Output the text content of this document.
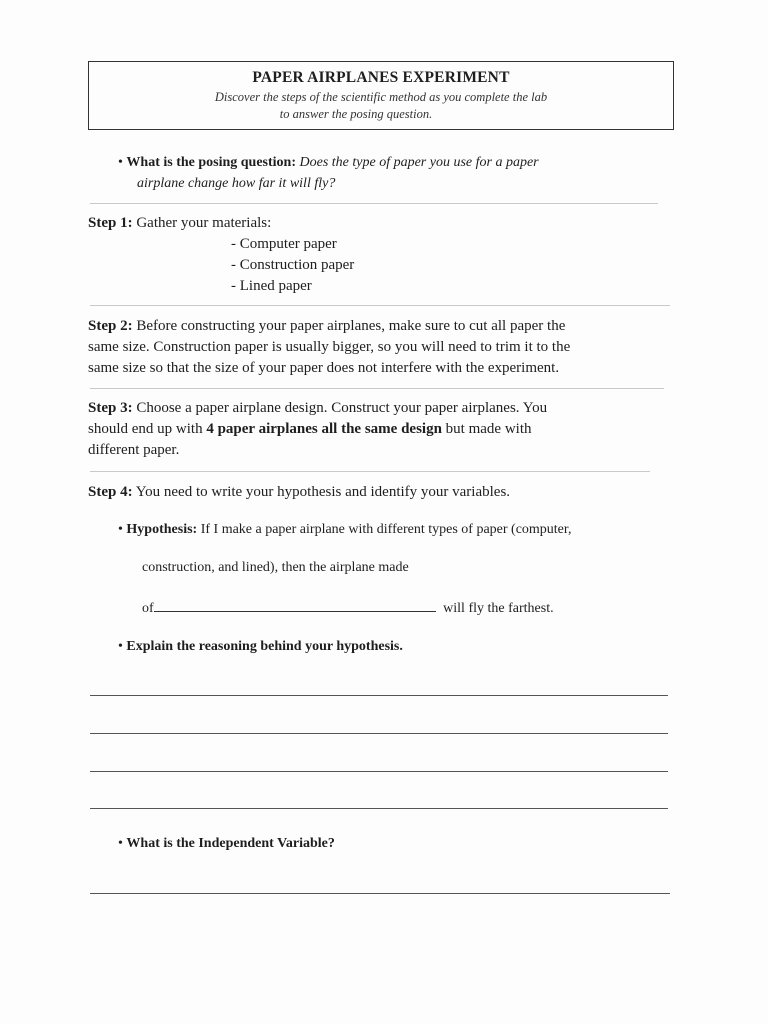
PAPER AIRPLANES EXPERIMENT
Discover the steps of the scientific method as you complete the lab
to answer the posing question.
• What is the posing question: Does the type of paper you use for a paper
airplane change how far it will fly?
Step 1: Gather your materials:
- Computer paper
- Construction paper
- Lined paper
Step 2: Before constructing your paper airplanes, make sure to cut all paper the
same size. Construction paper is usually bigger, so you will need to trim it to the
same size so that the size of your paper does not interfere with the experiment.
Step 3: Choose a paper airplane design. Construct your paper airplanes. You
should end up with 4 paper airplanes all the same design but made with
different paper.
Step 4: You need to write your hypothesis and identify your variables.
• Hypothesis: If I make a paper airplane with different types of paper (computer,
construction, and lined), then the airplane made
of	will fly the farthest.
• Explain the reasoning behind your hypothesis.
• What is the Independent Variable?
